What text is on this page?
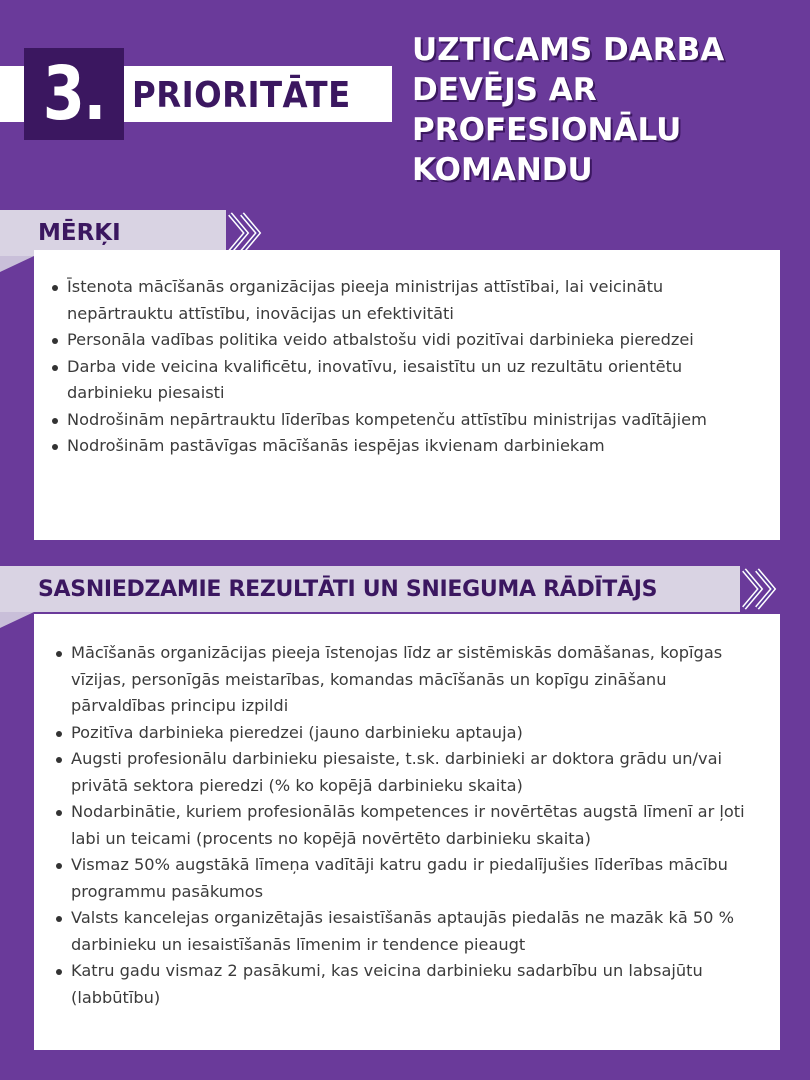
3. PRIORITĀTE
UZTICAMS DARBA
DEVĒJS AR
PROFESIONĀLU
KOMANDU
MĒRĶI
Īstenota mācīšanās organizācijas pieeja ministrijas attīstībai, lai veicinātu nepārtrauktu attīstību, inovācijas un efektivitāti
Personāla vadības politika veido atbalstošu vidi pozitīvai darbinieka pieredzei
Darba vide veicina kvalificētu, inovatīvu, iesaistītu un uz rezultātu orientētu darbinieku piesaisti
Nodrošinām nepārtrauktu līderības kompetenču attīstību ministrijas vadītājiem
Nodrošinām pastāvīgas mācīšanās iespējas ikvienam darbiniekam
SASNIEDZAMIE REZULTĀTI UN SNIEGUMA RĀDĪTĀJS
Mācīšanās organizācijas pieeja īstenojas līdz ar sistēmiskās domāšanas, kopīgas vīzijas, personīgās meistarības, komandas mācīšanās un kopīgu zināšanu pārvaldības principu izpildi
Pozitīva darbinieka pieredzei (jauno darbinieku aptauja)
Augsti profesionālu darbinieku piesaiste, t.sk. darbinieki ar doktora grādu un/vai privātā sektora pieredzi (% ko kopējā darbinieku skaita)
Nodarbinātie, kuriem profesionālās kompetences ir novērtētas augstā līmenī ar ļoti labi un teicami (procents no kopējā novērtēto darbinieku skaita)
Vismaz 50% augstākā līmeņa vadītāji katru gadu ir piedalījušies līderības mācību programmu pasākumos
Valsts kancelejas organizētajās iesaistīšanās aptaujās piedalās ne mazāk kā 50 % darbinieku un iesaistīšanās līmenim ir tendence pieaugt
Katru gadu vismaz 2 pasākumi, kas veicina darbinieku sadarbību un labsajūtu (labbūtību)
